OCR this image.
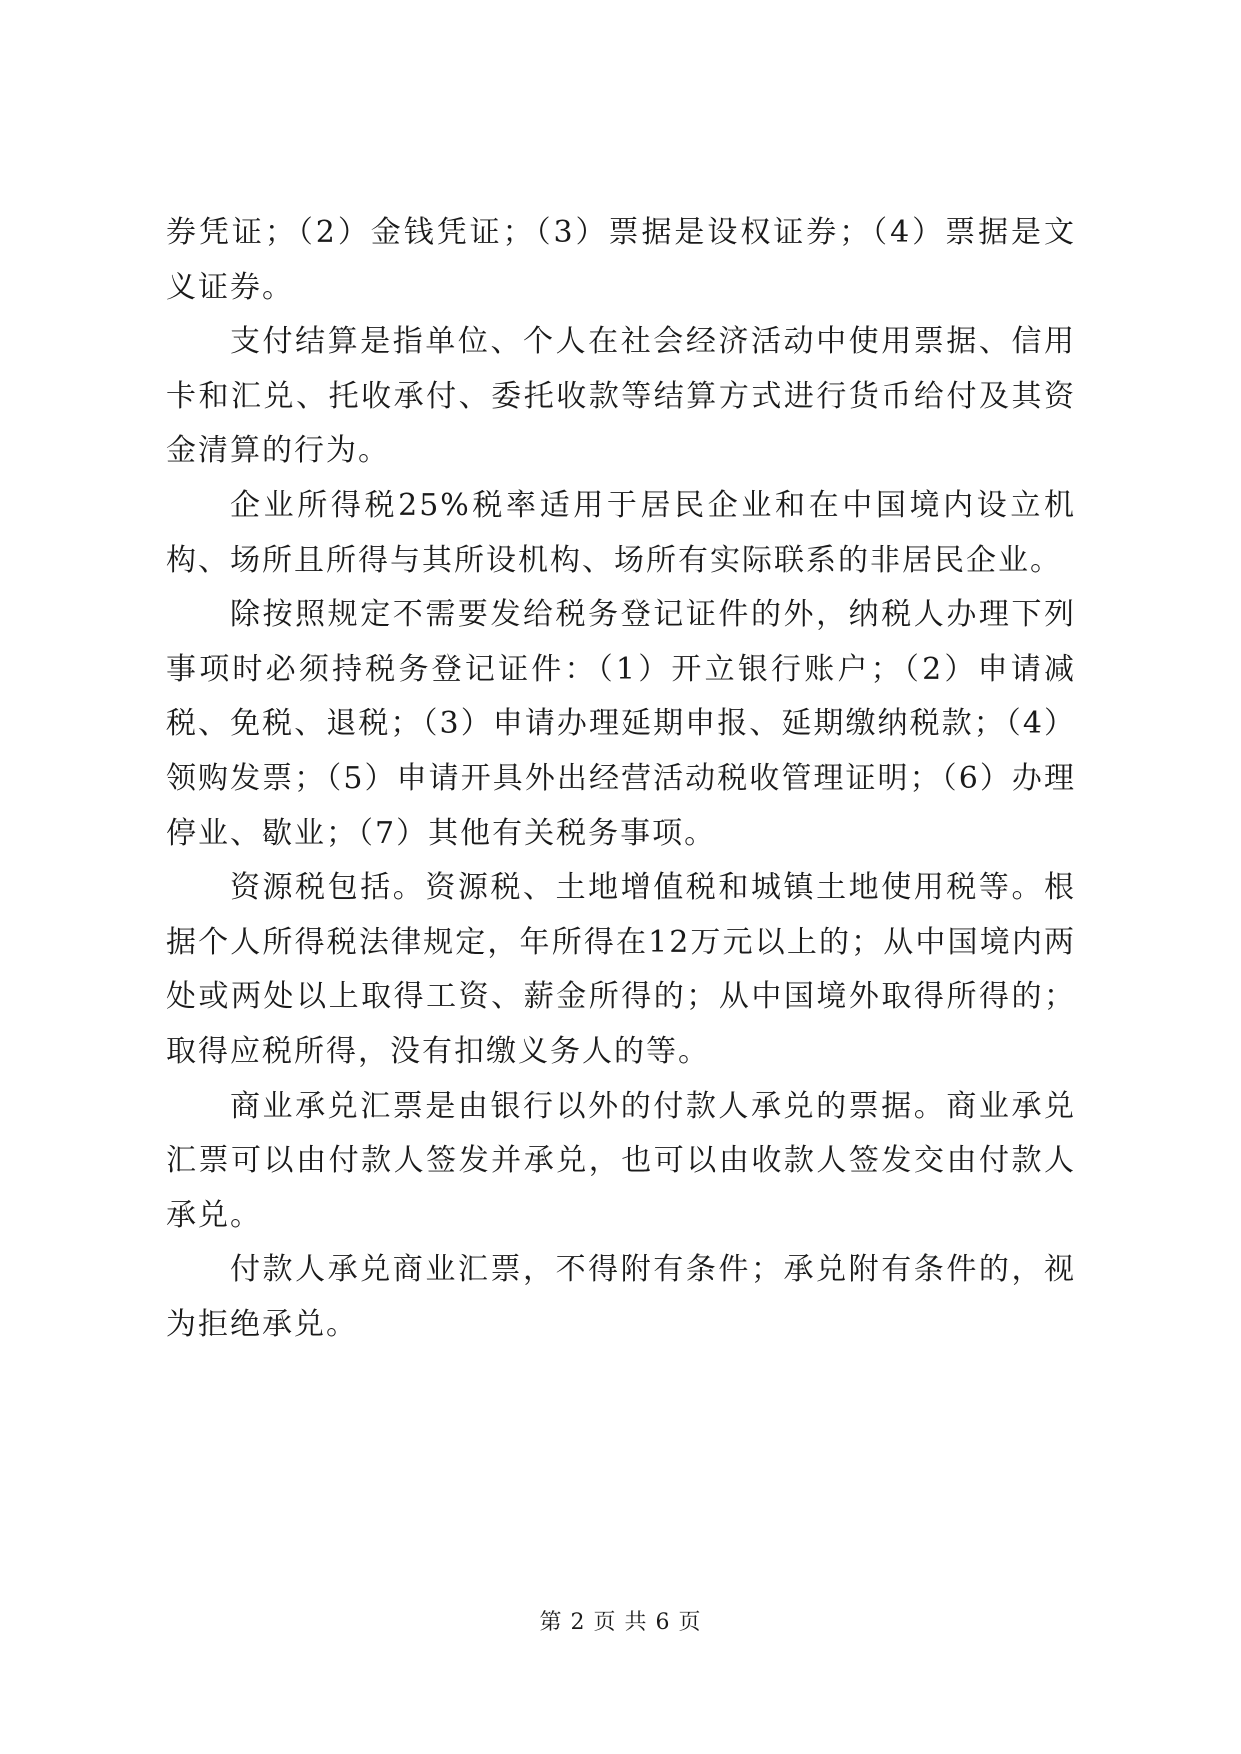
券凭证；（2）金钱凭证；（3）票据是设权证券；（4）票据是文义证券。

支付结算是指单位、个人在社会经济活动中使用票据、信用卡和汇兑、托收承付、委托收款等结算方式进行货币给付及其资金清算的行为。

企业所得税25%税率适用于居民企业和在中国境内设立机构、场所且所得与其所设机构、场所有实际联系的非居民企业。

除按照规定不需要发给税务登记证件的外，纳税人办理下列事项时必须持税务登记证件：（1）开立银行账户；（2）申请减税、免税、退税；（3）申请办理延期申报、延期缴纳税款；（4）领购发票；（5）申请开具外出经营活动税收管理证明；（6）办理停业、歇业；（7）其他有关税务事项。

资源税包括。资源税、土地增值税和城镇土地使用税等。根据个人所得税法律规定，年所得在12万元以上的；从中国境内两处或两处以上取得工资、薪金所得的；从中国境外取得所得的；取得应税所得，没有扣缴义务人的等。

商业承兑汇票是由银行以外的付款人承兑的票据。商业承兑汇票可以由付款人签发并承兑，也可以由收款人签发交由付款人承兑。

付款人承兑商业汇票，不得附有条件；承兑附有条件的，视为拒绝承兑。

第 2 页 共 6 页
